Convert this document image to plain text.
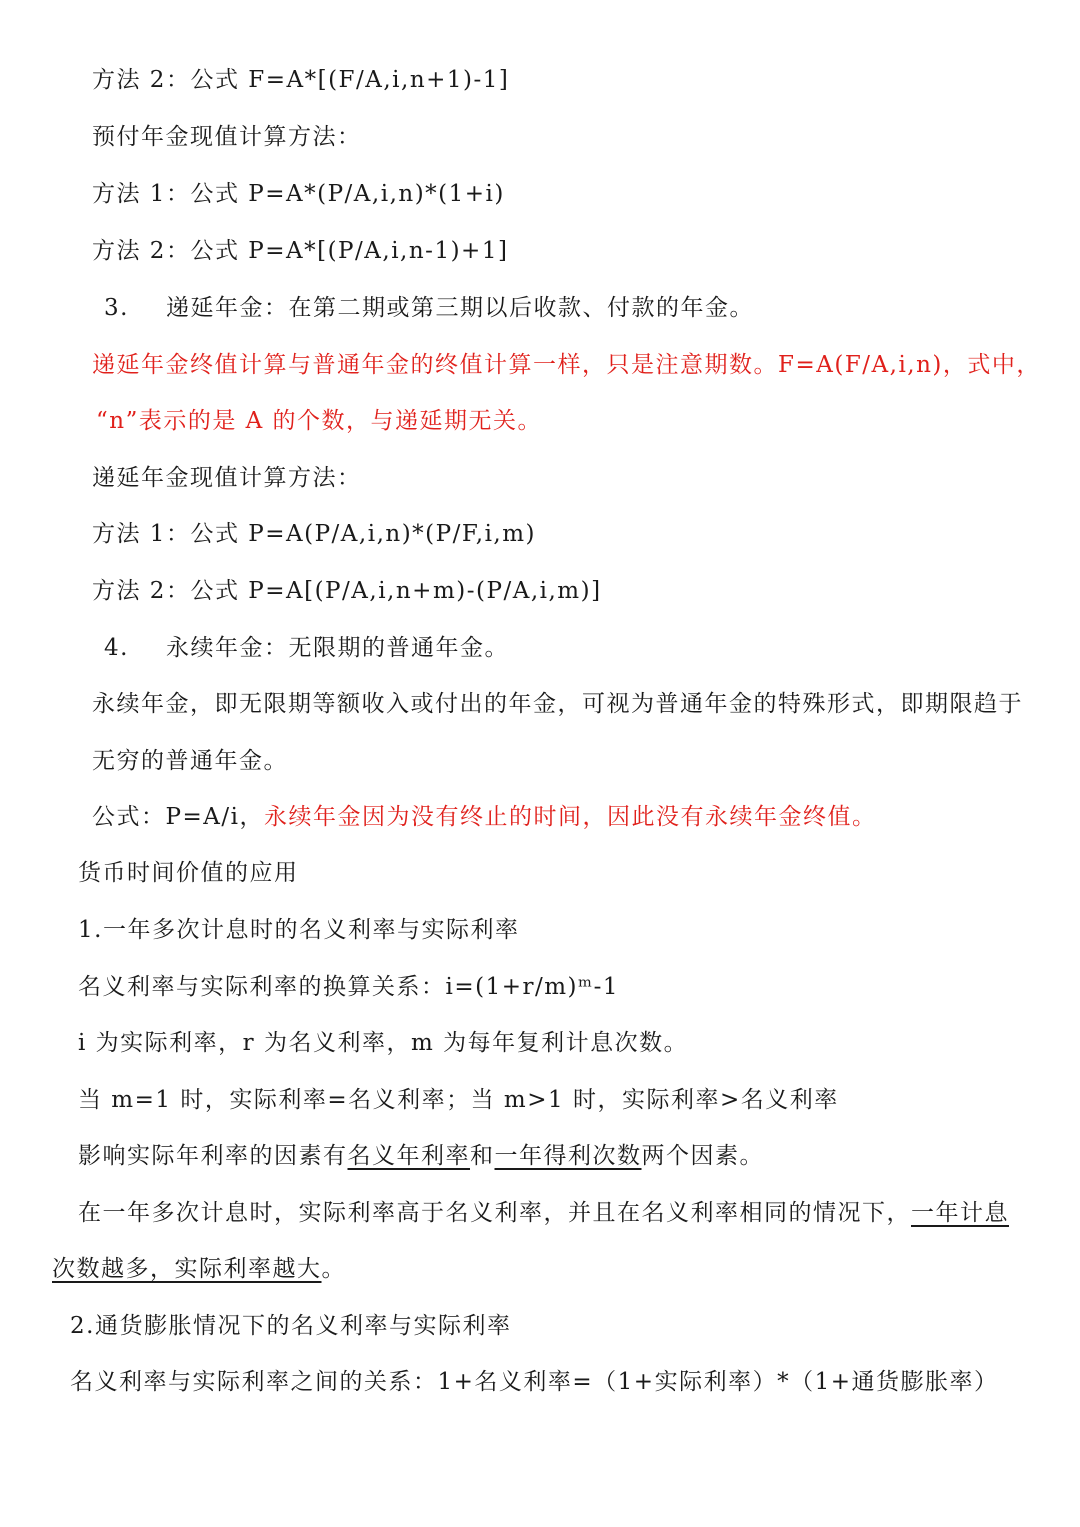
方法 2：公式 F=A*[(F/A,i,n+1)-1]
预付年金现值计算方法：
方法 1：公式 P=A*(P/A,i,n)*(1+i)
方法 2：公式 P=A*[(P/A,i,n-1)+1]
3. 递延年金：在第二期或第三期以后收款、付款的年金。
递延年金终值计算与普通年金的终值计算一样，只是注意期数。F=A(F/A,i,n)，式中，
“n”表示的是 A 的个数，与递延期无关。
递延年金现值计算方法：
方法 1：公式 P=A(P/A,i,n)*(P/F,i,m)
方法 2：公式 P=A[(P/A,i,n+m)-(P/A,i,m)]
4. 永续年金：无限期的普通年金。
永续年金，即无限期等额收入或付出的年金，可视为普通年金的特殊形式，即期限趋于
无穷的普通年金。
公式：P=A/i，永续年金因为没有终止的时间，因此没有永续年金终值。
货币时间价值的应用
1.一年多次计息时的名义利率与实际利率
名义利率与实际利率的换算关系：i=(1+r/m)ᵐ-1
i 为实际利率，r 为名义利率，m 为每年复利计息次数。
当 m=1 时，实际利率=名义利率；当 m>1 时，实际利率>名义利率
影响实际年利率的因素有名义年利率和一年得利次数两个因素。
在一年多次计息时，实际利率高于名义利率，并且在名义利率相同的情况下，一年计息
次数越多，实际利率越大。
2.通货膨胀情况下的名义利率与实际利率
名义利率与实际利率之间的关系：1+名义利率=（1+实际利率）*（1+通货膨胀率）
